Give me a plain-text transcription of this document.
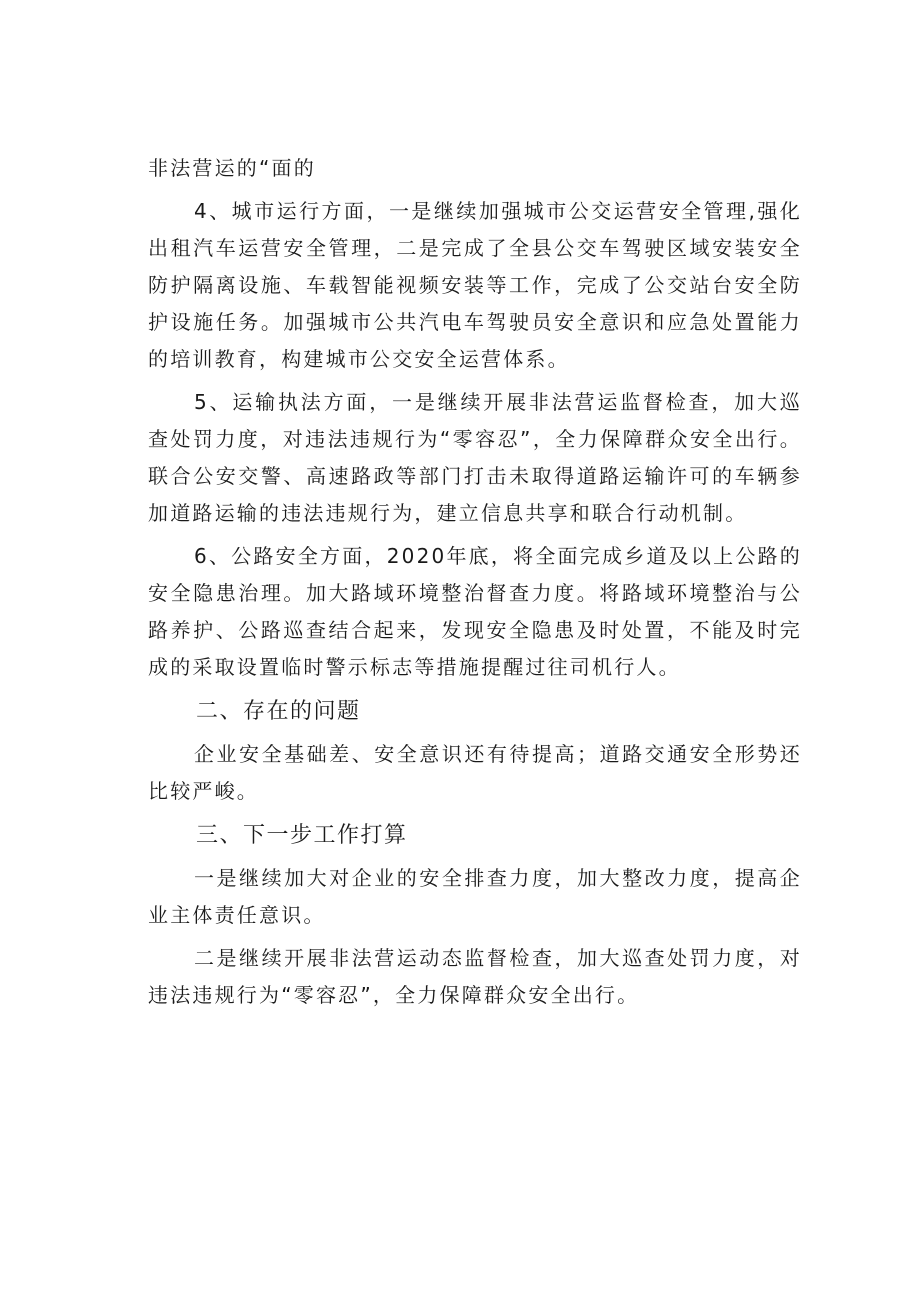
非法营运的“面的

4、城市运行方面，一是继续加强城市公交运营安全管理,强化出租汽车运营安全管理，二是完成了全县公交车驾驶区域安装安全防护隔离设施、车载智能视频安装等工作，完成了公交站台安全防护设施任务。加强城市公共汽电车驾驶员安全意识和应急处置能力的培训教育，构建城市公交安全运营体系。

5、运输执法方面，一是继续开展非法营运监督检查，加大巡查处罚力度，对违法违规行为“零容忍”，全力保障群众安全出行。联合公安交警、高速路政等部门打击未取得道路运输许可的车辆参加道路运输的违法违规行为，建立信息共享和联合行动机制。

6、公路安全方面，2020年底，将全面完成乡道及以上公路的安全隐患治理。加大路域环境整治督查力度。将路域环境整治与公路养护、公路巡查结合起来，发现安全隐患及时处置，不能及时完成的采取设置临时警示标志等措施提醒过往司机行人。

二、存在的问题

企业安全基础差、安全意识还有待提高；道路交通安全形势还比较严峻。

三、下一步工作打算

一是继续加大对企业的安全排查力度，加大整改力度，提高企业主体责任意识。

二是继续开展非法营运动态监督检查，加大巡查处罚力度，对违法违规行为“零容忍”，全力保障群众安全出行。
